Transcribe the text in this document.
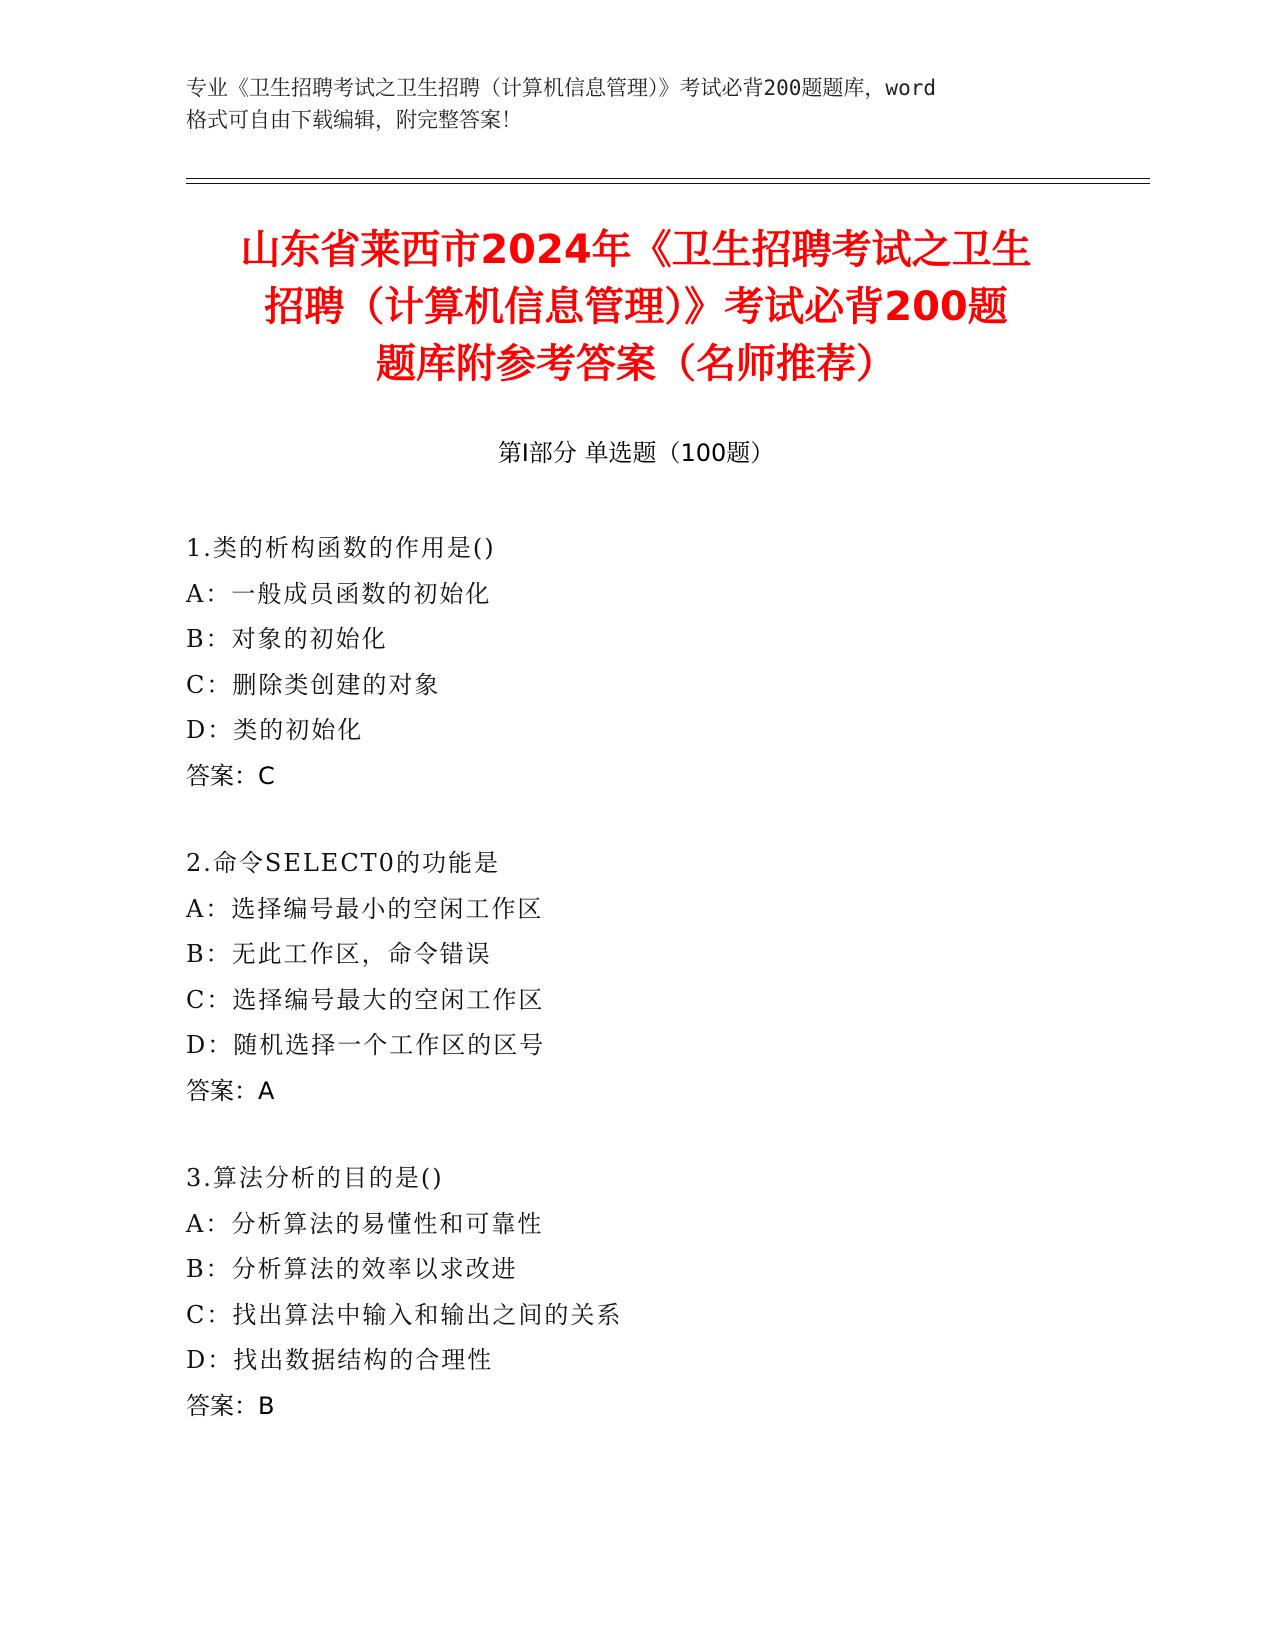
专业《卫生招聘考试之卫生招聘（计算机信息管理）》考试必背200题题库，word
格式可自由下载编辑，附完整答案！
山东省莱西市2024年《卫生招聘考试之卫生
招聘（计算机信息管理）》考试必背200题
题库附参考答案（名师推荐）
第Ⅰ部分 单选题（100题）
1.类的析构函数的作用是()
A：一般成员函数的初始化
B：对象的初始化
C：删除类创建的对象
D：类的初始化
答案：C
2.命令SELECT0的功能是
A：选择编号最小的空闲工作区
B：无此工作区，命令错误
C：选择编号最大的空闲工作区
D：随机选择一个工作区的区号
答案：A
3.算法分析的目的是()
A：分析算法的易懂性和可靠性
B：分析算法的效率以求改进
C：找出算法中输入和输出之间的关系
D：找出数据结构的合理性
答案：B
